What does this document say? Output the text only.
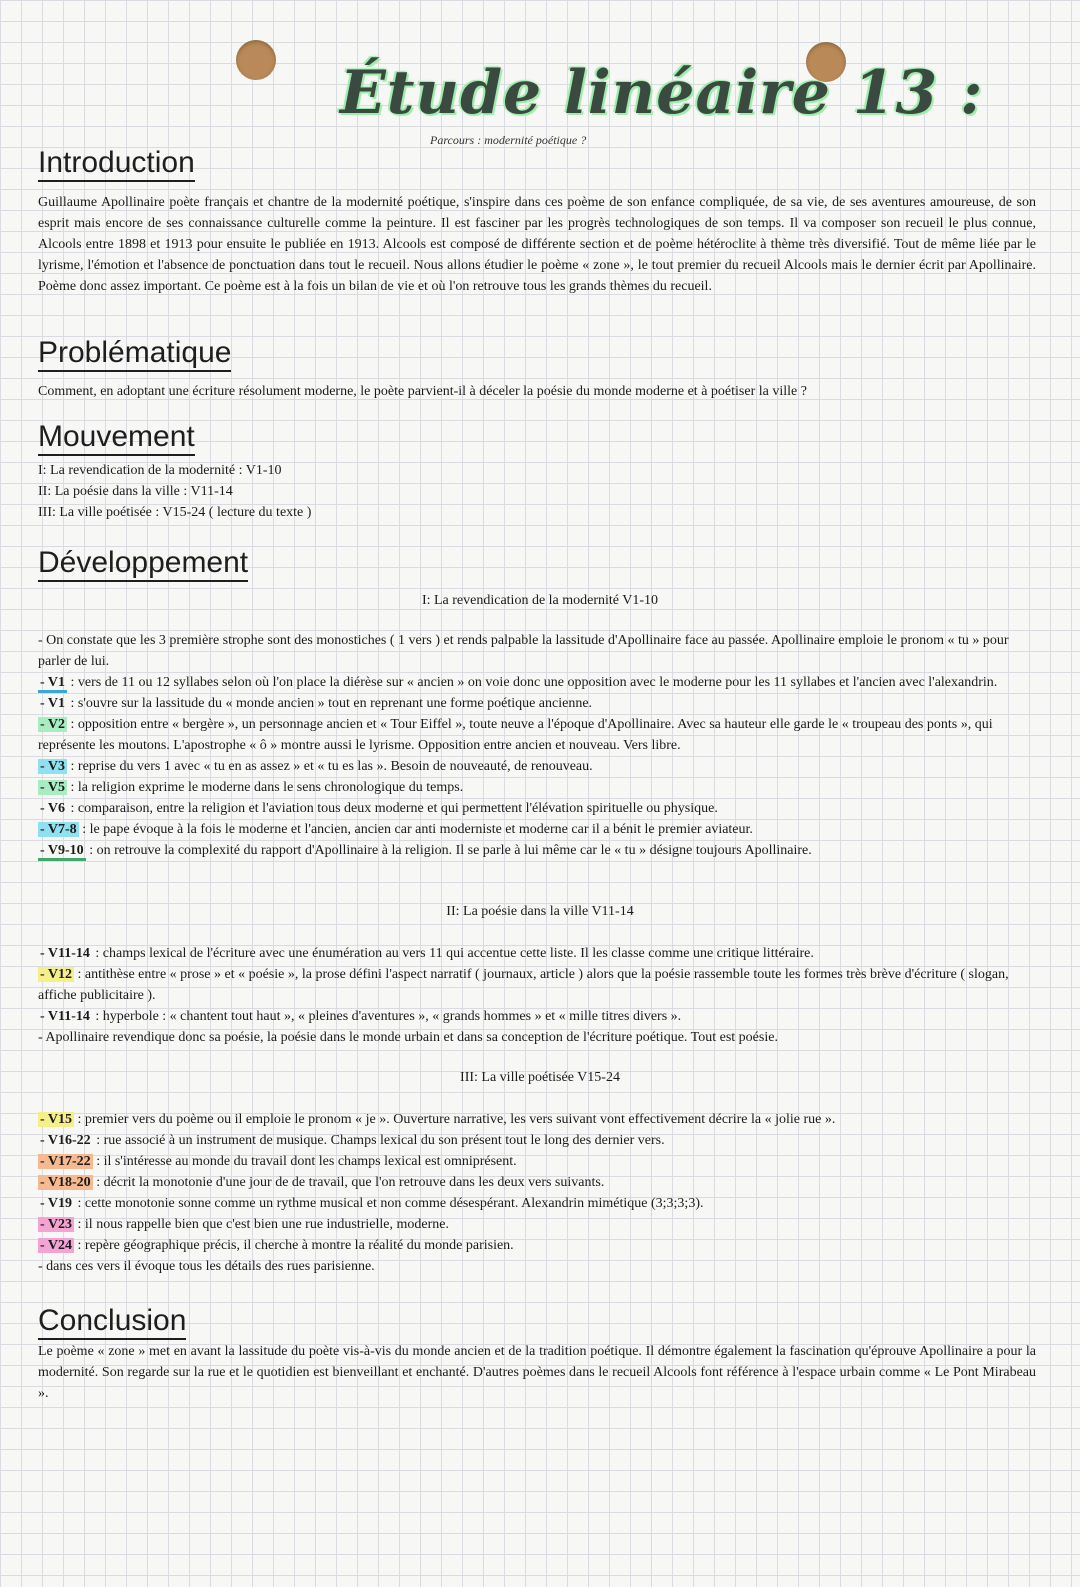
Étude linéaire 13 :
Parcours : modernité poétique ?
Introduction

Guillaume Apollinaire poète français et chantre de la modernité poétique, s'inspire dans ces poème de son enfance compliquée, de sa vie, de ses aventures amoureuse, de son esprit mais encore de ses connaissance culturelle comme la peinture. Il est fasciner par les progrès technologiques de son temps. Il va composer son recueil le plus connue, Alcools entre 1898 et 1913 pour ensuite le publiée en 1913. Alcools est composé de différente section et de poème hétéroclite à thème très diversifié. Tout de même liée par le lyrisme, l'émotion et l'absence de ponctuation dans tout le recueil. Nous allons étudier le poème « zone », le tout premier du recueil Alcools mais le dernier écrit par Apollinaire. Poème donc assez important. Ce poème est à la fois un bilan de vie et où l'on retrouve tous les grands thèmes du recueil.

Problématique

Comment, en adoptant une écriture résolument moderne, le poète parvient-il à déceler la poésie du monde moderne et à poétiser la ville ?

Mouvement
I: La revendication de la modernité : V1-10
II: La poésie dans la ville : V11-14
III: La ville poétisée : V15-24 ( lecture du texte )
Développement

I: La revendication de la modernité V1-10

- On constate que les 3 première strophe sont des monostiches ( 1 vers ) et rends palpable la lassitude d'Apollinaire face au passée. Apollinaire emploie le pronom « tu » pour parler de lui.
- V1 : vers de 11 ou 12 syllabes selon où l'on place la diérèse sur « ancien » on voie donc une opposition avec le moderne pour les 11 syllabes et l'ancien avec l'alexandrin.
- V1 : s'ouvre sur la lassitude du « monde ancien » tout en reprenant une forme poétique ancienne.
- V2 : opposition entre « bergère », un personnage ancien et « Tour Eiffel », toute neuve a l'époque d'Apollinaire. Avec sa hauteur elle garde le « troupeau des ponts », qui représente les moutons. L'apostrophe « ô » montre aussi le lyrisme. Opposition entre ancien et nouveau. Vers libre.
- V3 : reprise du vers 1 avec « tu en as assez » et « tu es las ». Besoin de nouveauté, de renouveau.
- V5 : la religion exprime le moderne dans le sens chronologique du temps.
- V6 : comparaison, entre la religion et l'aviation tous deux moderne et qui permettent l'élévation spirituelle ou physique.
- V7-8 : le pape évoque à la fois le moderne et l'ancien, ancien car anti moderniste et moderne car il a bénit le premier aviateur.
- V9-10 : on retrouve la complexité du rapport d'Apollinaire à la religion. Il se parle à lui même car le « tu » désigne toujours Apollinaire.

II: La poésie dans la ville V11-14

- V11-14 : champs lexical de l'écriture avec une énumération au vers 11 qui accentue cette liste. Il les classe comme une critique littéraire.
- V12 : antithèse entre « prose » et « poésie », la prose défini l'aspect narratif ( journaux, article ) alors que la poésie rassemble toute les formes très brève d'écriture ( slogan, affiche publicitaire ).
- V11-14 : hyperbole : « chantent tout haut », « pleines d'aventures », « grands hommes » et « mille titres divers ».
- Apollinaire revendique donc sa poésie, la poésie dans le monde urbain et dans sa conception de l'écriture poétique. Tout est poésie.

III: La ville poétisée V15-24

- V15 : premier vers du poème ou il emploie le pronom « je ». Ouverture narrative, les vers suivant vont effectivement décrire la « jolie rue ».
- V16-22 : rue associé à un instrument de musique. Champs lexical du son présent tout le long des dernier vers.
- V17-22 : il s'intéresse au monde du travail dont les champs lexical est omniprésent.
- V18-20 : décrit la monotonie d'une jour de de travail, que l'on retrouve dans les deux vers suivants.
- V19 : cette monotonie sonne comme un rythme musical et non comme désespérant. Alexandrin mimétique (3;3;3;3).
- V23 : il nous rappelle bien que c'est bien une rue industrielle, moderne.
- V24 : repère géographique précis, il cherche à montre la réalité du monde parisien.
- dans ces vers il évoque tous les détails des rues parisienne.
Conclusion

Le poème « zone » met en avant la lassitude du poète vis-à-vis du monde ancien et de la tradition poétique. Il démontre également la fascination qu'éprouve Apollinaire a pour la modernité. Son regarde sur la rue et le quotidien est bienveillant et enchanté. D'autres poèmes dans le recueil Alcools font référence à l'espace urbain comme « Le Pont Mirabeau ».
